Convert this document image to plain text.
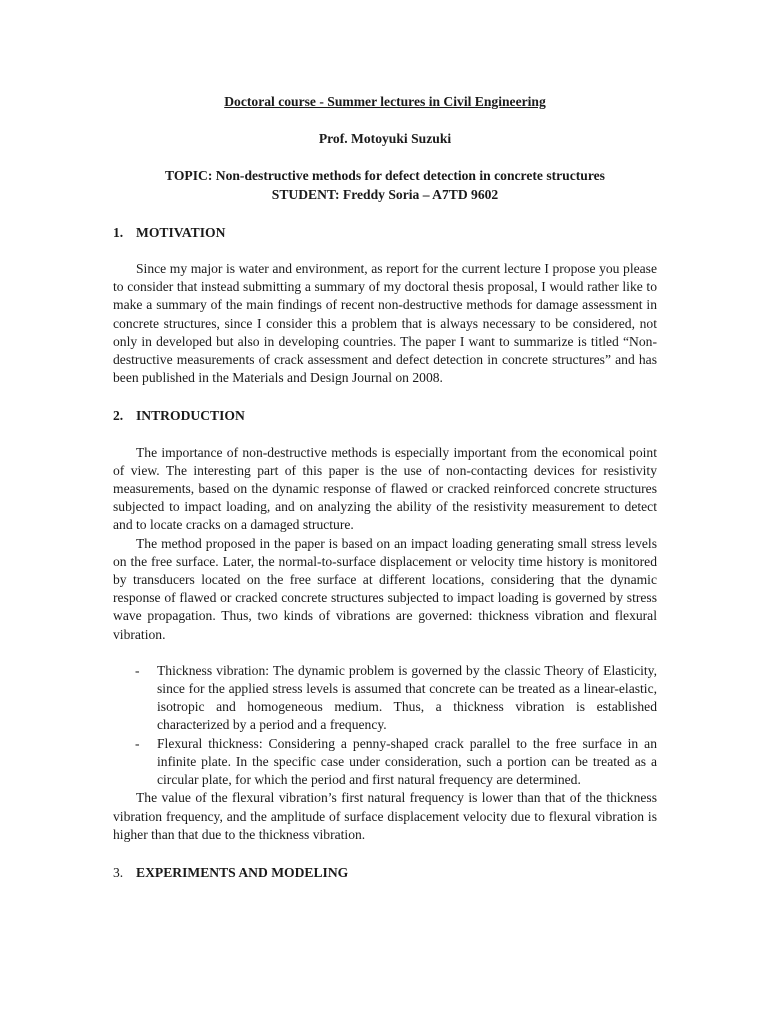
Doctoral course - Summer lectures in Civil Engineering
Prof. Motoyuki Suzuki
TOPIC: Non-destructive methods for defect detection in concrete structures
STUDENT: Freddy Soria – A7TD 9602
1. MOTIVATION

Since my major is water and environment, as report for the current lecture I propose you please to consider that instead submitting a summary of my doctoral thesis proposal, I would rather like to make a summary of the main findings of recent non-destructive methods for damage assessment in concrete structures, since I consider this a problem that is always necessary to be considered, not only in developed but also in developing countries. The paper I want to summarize is titled “Non-destructive measurements of crack assessment and defect detection in concrete structures” and has been published in the Materials and Design Journal on 2008.

2. INTRODUCTION

The importance of non-destructive methods is especially important from the economical point of view. The interesting part of this paper is the use of non-contacting devices for resistivity measurements, based on the dynamic response of flawed or cracked reinforced concrete structures subjected to impact loading, and on analyzing the ability of the resistivity measurement to detect and to locate cracks on a damaged structure.

The method proposed in the paper is based on an impact loading generating small stress levels on the free surface. Later, the normal-to-surface displacement or velocity time history is monitored by transducers located on the free surface at different locations, considering that the dynamic response of flawed or cracked concrete structures subjected to impact loading is governed by stress wave propagation. Thus, two kinds of vibrations are governed: thickness vibration and flexural vibration.

-	Thickness vibration: The dynamic problem is governed by the classic Theory of Elasticity, since for the applied stress levels is assumed that concrete can be treated as a linear-elastic, isotropic and homogeneous medium. Thus, a thickness vibration is established characterized by a period and a frequency.
-	Flexural thickness: Considering a penny-shaped crack parallel to the free surface in an infinite plate. In the specific case under consideration, such a portion can be treated as a circular plate, for which the period and first natural frequency are determined.

The value of the flexural vibration’s first natural frequency is lower than that of the thickness vibration frequency, and the amplitude of surface displacement velocity due to flexural vibration is higher than that due to the thickness vibration.

3. EXPERIMENTS AND MODELING
